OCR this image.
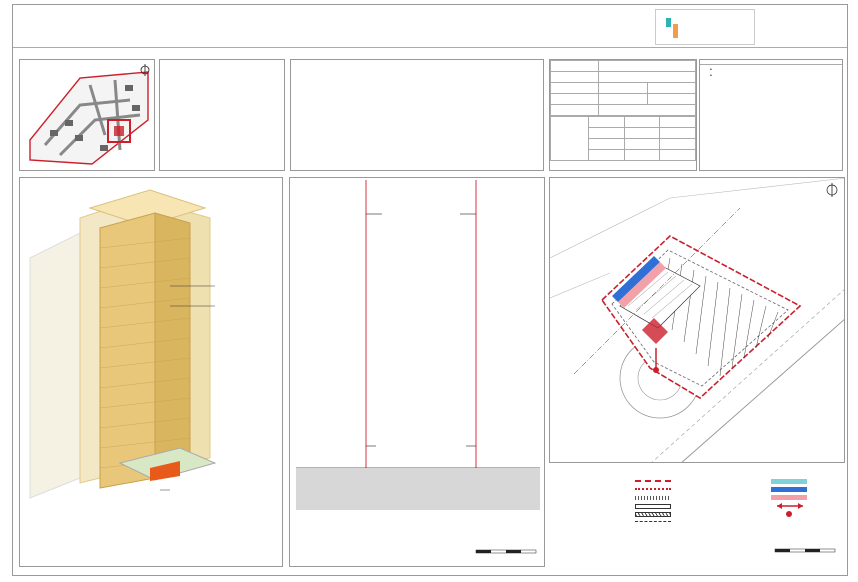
•
•
